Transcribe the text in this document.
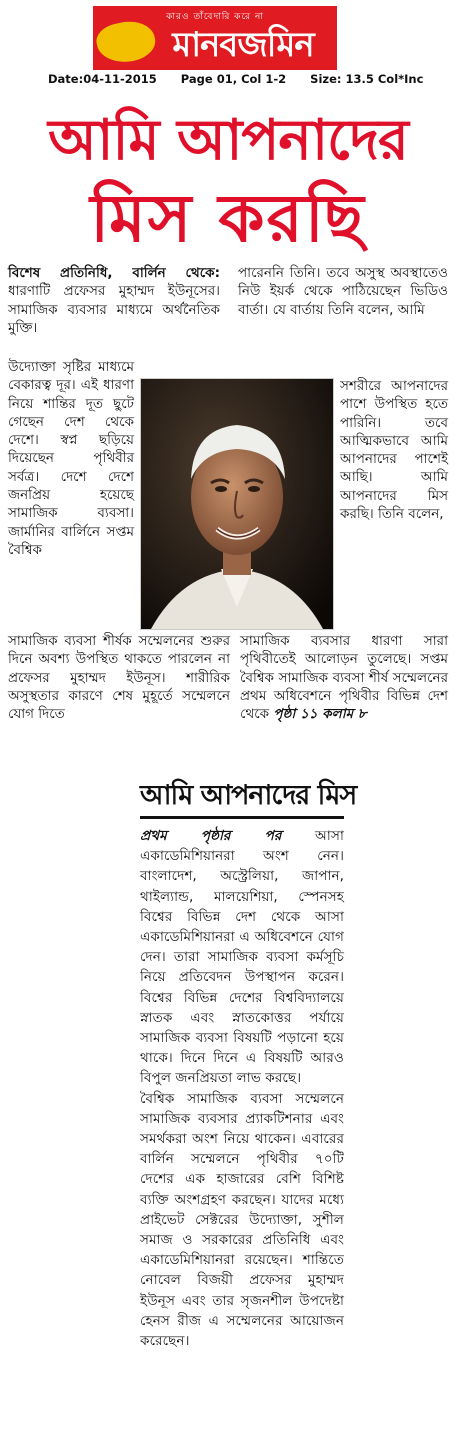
কারও তাঁবেদারি করে না
মানবজমিন
Date:04-11-2015 Page 01, Col 1-2 Size: 13.5 Col*Inc
আমি আপনাদের
মিস করছি

বিশেষ প্রতিনিধি, বার্লিন থেকে: ধারণাটি প্রফেসর মুহাম্মদ ইউনূসের। সামাজিক ব্যবসার মাধ্যমে অর্থনৈতিক মুক্তি।

উদ্যোক্তা সৃষ্টির মাধ্যমে বেকারত্ব দূর। এই ধারণা নিয়ে শান্তির দূত ছুটে গেছেন দেশ থেকে দেশে। স্বপ্ন ছড়িয়ে দিয়েছেন পৃথিবীর সর্বত্র। দেশে দেশে জনপ্রিয় হয়েছে সামাজিক ব্যবসা। জার্মানির বার্লিনে সপ্তম বৈশ্বিক

পারেননি তিনি। তবে অসুস্থ অবস্থাতেও নিউ ইয়র্ক থেকে পাঠিয়েছেন ভিডিও বার্তা। যে বার্তায় তিনি বলেন, আমি

সশরীরে আপনাদের পাশে উপস্থিত হতে পারিনি। তবে আত্মিকভাবে আমি আপনাদের পাশেই আছি। আমি আপনাদের মিস করছি। তিনি বলেন,

সামাজিক ব্যবসা শীর্ষক সম্মেলনের শুরুর দিনে অবশ্য উপস্থিত থাকতে পারলেন না প্রফেসর মুহাম্মদ ইউনূস। শারীরিক অসুস্থতার কারণে শেষ মুহূর্তে সম্মেলনে যোগ দিতে

সামাজিক ব্যবসার ধারণা সারা পৃথিবীতেই আলোড়ন তুলেছে। সপ্তম বৈশ্বিক সামাজিক ব্যবসা শীর্ষ সম্মেলনের প্রথম অধিবেশনে পৃথিবীর বিভিন্ন দেশ থেকে পৃষ্ঠা ১১ কলাম ৮

আমি আপনাদের মিস

প্রথম পৃষ্ঠার পর আসা একাডেমিশিয়ানরা অংশ নেন। বাংলাদেশ, অস্ট্রেলিয়া, জাপান, থাইল্যান্ড, মালয়েশিয়া, স্পেনসহ বিশ্বের বিভিন্ন দেশ থেকে আসা একাডেমিশিয়ানরা এ অধিবেশনে যোগ দেন। তারা সামাজিক ব্যবসা কর্মসূচি নিয়ে প্রতিবেদন উপস্থাপন করেন। বিশ্বের বিভিন্ন দেশের বিশ্ববিদ্যালয়ে স্নাতক এবং স্নাতকোত্তর পর্যায়ে সামাজিক ব্যবসা বিষয়টি পড়ানো হয়ে থাকে। দিনে দিনে এ বিষয়টি আরও বিপুল জনপ্রিয়তা লাভ করছে।

বৈশ্বিক সামাজিক ব্যবসা সম্মেলনে সামাজিক ব্যবসার প্র্যাকটিশনার এবং সমর্থকরা অংশ নিয়ে থাকেন। এবারের বার্লিন সম্মেলনে পৃথিবীর ৭০টি দেশের এক হাজারের বেশি বিশিষ্ট ব্যক্তি অংশগ্রহণ করছেন। যাদের মধ্যে প্রাইভেট সেক্টরের উদ্যোক্তা, সুশীল সমাজ ও সরকারের প্রতিনিধি এবং একাডেমিশিয়ানরা রয়েছেন। শান্তিতে নোবেল বিজয়ী প্রফেসর মুহাম্মদ ইউনূস এবং তার সৃজনশীল উপদেষ্টা হেনস রীজ এ সম্মেলনের আয়োজন করেছেন।
